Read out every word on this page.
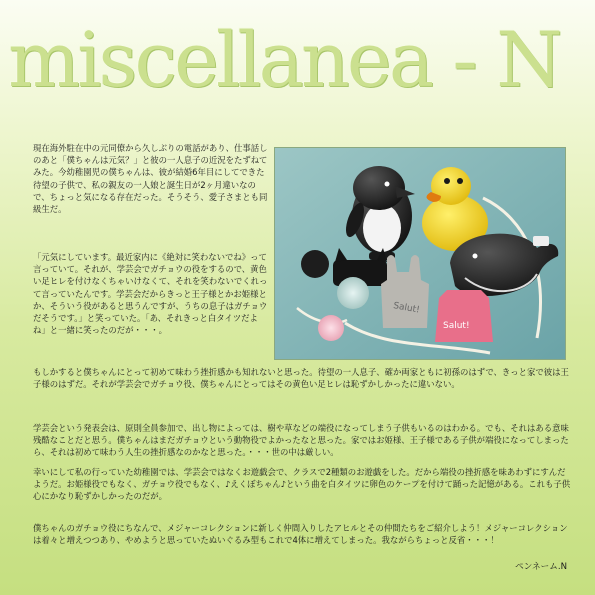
miscellanea - N

現在海外駐在中の元同僚から久しぶりの電話があり、仕事話しのあと「僕ちゃんは元気？」と彼の一人息子の近況をたずねてみた。今幼稚園児の僕ちゃんは、彼が結婚6年目にしてできた待望の子供で、私の親友の一人娘と誕生日が2ヶ月違いなので、ちょっと気になる存在だった。そうそう、愛子さまとも同級生だ。

「元気にしています。最近家内に《絶対に笑わないでね》って言っていて。それが、学芸会でガチョウの役をするので、黄色い足ヒレを付けなくちゃいけなくて、それを笑わないでくれって言っていたんです。学芸会だからきっと王子様とかお姫様とか、そういう役があると思うんですが、うちの息子はガチョウだそうです。」と笑っていた。「あ、それきっと白タイツだよね」と一緒に笑ったのだが・・・。

Salut!
Salut!

もしかすると僕ちゃんにとって初めて味わう挫折感かも知れないと思った。待望の一人息子、確か両家ともに初孫のはずで、きっと家で彼は王子様のはずだ。それが学芸会でガチョウ役、僕ちゃんにとってはその黄色い足ヒレは恥ずかしかったに違いない。

学芸会という発表会は、原則全員参加で、出し物によっては、樹や草などの端役になってしまう子供もいるのはわかる。でも、それはある意味残酷なことだと思う。僕ちゃんはまだガチョウという動物役でよかったなと思った。家ではお姫様、王子様である子供が端役になってしまったら、それは初めて味わう人生の挫折感なのかなと思った。・・・世の中は厳しい。

幸いにして私の行っていた幼稚園では、学芸会ではなくお遊戯会で、クラスで2種類のお遊戯をした。だから端役の挫折感を味あわずにすんだようだ。お姫様役でもなく、ガチョウ役でもなく、♪えくぼちゃん♪という曲を白タイツに卵色のケープを付けて踊った記憶がある。これも子供心にかなり恥ずかしかったのだが。

僕ちゃんのガチョウ役にちなんで、メジャーコレクションに新しく仲間入りしたアヒルとその仲間たちをご紹介しよう！メジャーコレクションは着々と増えつつあり、やめようと思っていたぬいぐるみ型もこれで4体に増えてしまった。我ながらちょっと反省・・・！

ペンネーム.N
